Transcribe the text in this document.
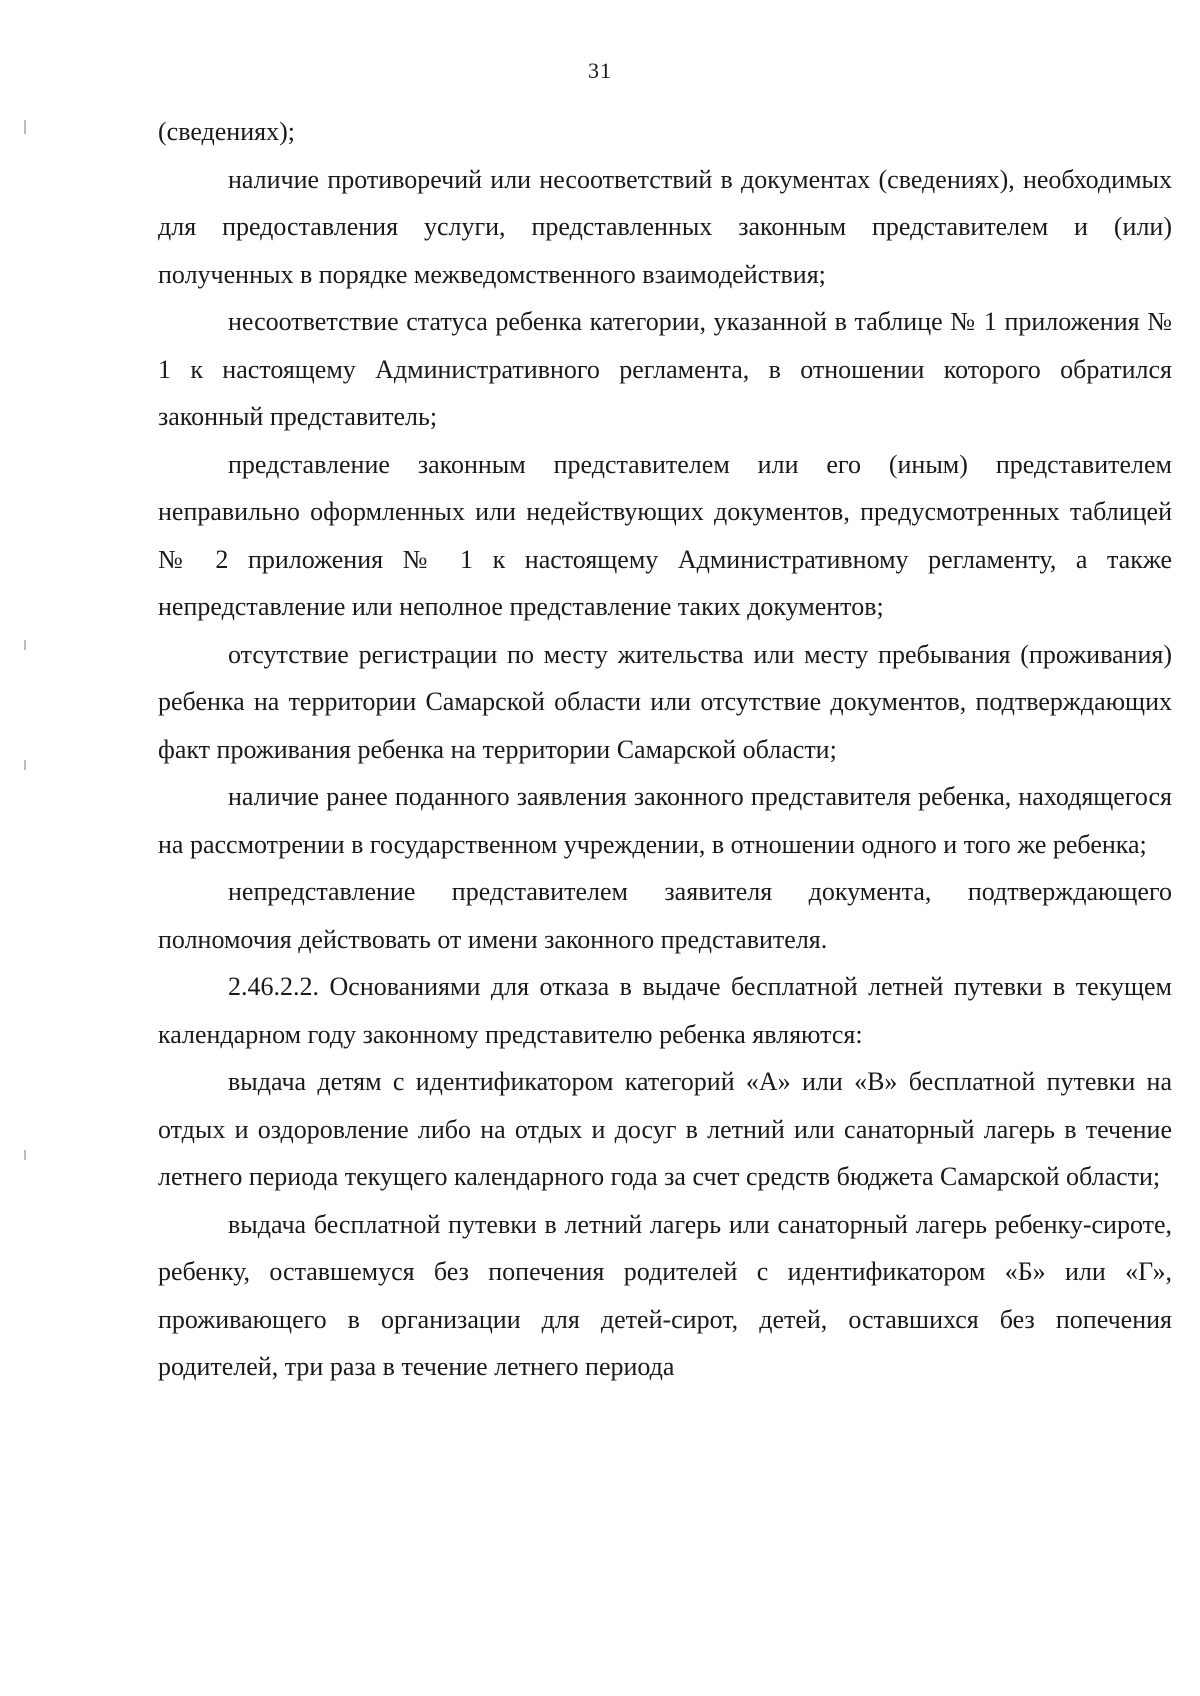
31

(сведениях);

наличие противоречий или несоответствий в документах (сведениях), необходимых для предоставления услуги, представленных законным представителем и (или) полученных в порядке межведомственного взаимодействия;

несоответствие статуса ребенка категории, указанной в таблице № 1 приложения № 1 к настоящему Административного регламента, в отношении которого обратился законный представитель;

представление законным представителем или его (иным) представителем неправильно оформленных или недействующих документов, предусмотренных таблицей № 2 приложения № 1 к настоящему Административному регламенту, а также непредставление или неполное представление таких документов;

отсутствие регистрации по месту жительства или месту пребывания (проживания) ребенка на территории Самарской области или отсутствие документов, подтверждающих факт проживания ребенка на территории Самарской области;

наличие ранее поданного заявления законного представителя ребенка, находящегося на рассмотрении в государственном учреждении, в отношении одного и того же ребенка;

непредставление представителем заявителя документа, подтверждающего полномочия действовать от имени законного представителя.

2.46.2.2. Основаниями для отказа в выдаче бесплатной летней путевки в текущем календарном году законному представителю ребенка являются:

выдача детям с идентификатором категорий «А» или «В» бесплатной путевки на отдых и оздоровление либо на отдых и досуг в летний или санаторный лагерь в течение летнего периода текущего календарного года за счет средств бюджета Самарской области;

выдача бесплатной путевки в летний лагерь или санаторный лагерь ребенку-сироте, ребенку, оставшемуся без попечения родителей с идентификатором «Б» или «Г», проживающего в организации для детей-сирот, детей, оставшихся без попечения родителей, три раза в течение летнего периода
